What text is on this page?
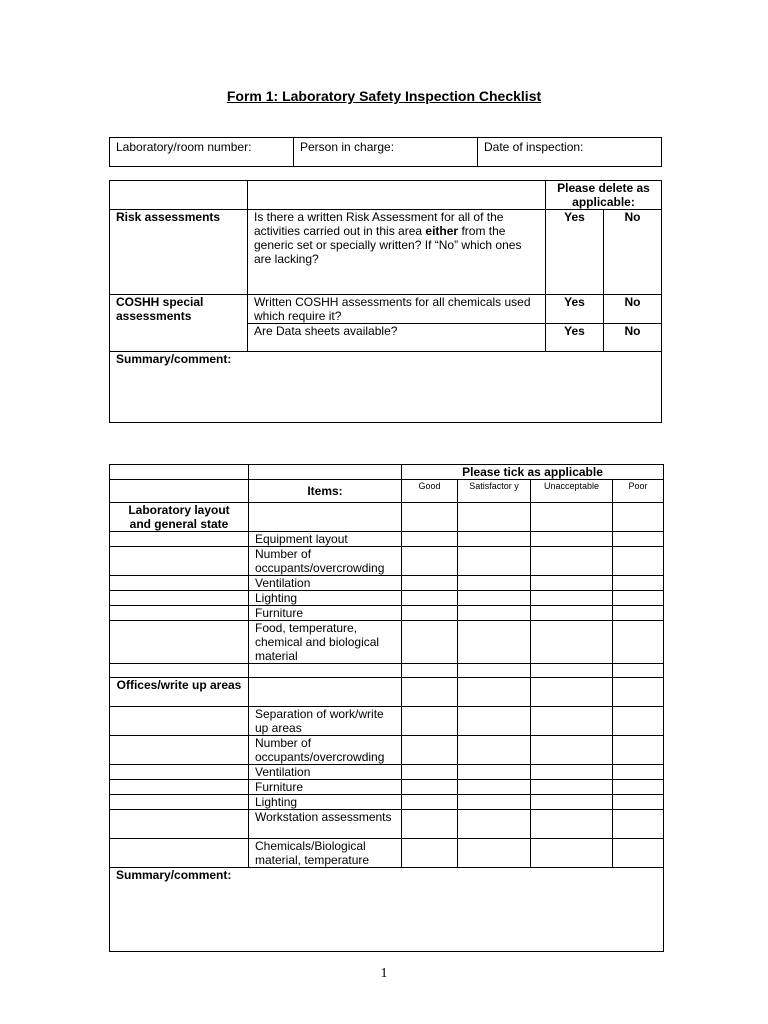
Form 1: Laboratory Safety Inspection Checklist
Laboratory/room number:	Person in charge:	Date of inspection:
		Please delete as applicable:	
Risk assessments	Is there a written Risk Assessment for all of the activities carried out in this area either from the generic set or specially written? If “No” which ones are lacking?	Yes	No
COSHH special assessments	Written COSHH assessments for all chemicals used which require it?	Yes	No
	Are Data sheets available?	Yes	No
Summary/comment:			
		Please tick as applicable			
	Items:	Good	Satisfactor y	Unacceptable	Poor
Laboratory layout and general state					
	Equipment layout				
	Number of occupants/overcrowding				
	Ventilation				
	Lighting				
	Furniture				
	Food, temperature, chemical and biological material				

Offices/write up areas					
	Separation of work/write up areas				
	Number of occupants/overcrowding				
	Ventilation				
	Furniture				
	Lighting				
	Workstation assessments				
	Chemicals/Biological material, temperature				
Summary/comment:					
1
